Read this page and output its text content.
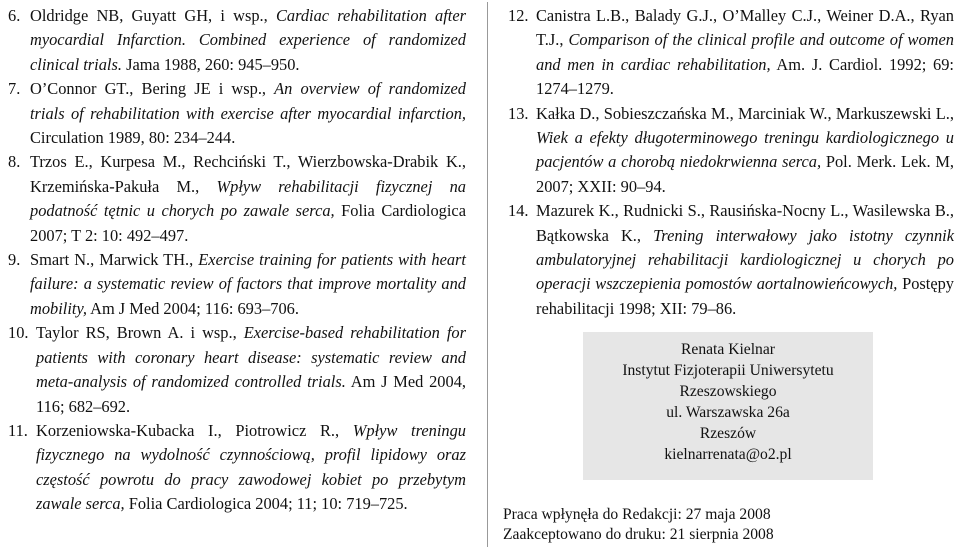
6. Oldridge NB, Guyatt GH, i wsp., Cardiac rehabilitation after myocardial Infarction. Combined experience of randomized clinical trials. Jama 1988, 260: 945–950.
7. O’Connor GT., Bering JE i wsp., An overview of randomized trials of rehabilitation with exercise after myocardial infarction, Circulation 1989, 80: 234–244.
8. Trzos E., Kurpesa M., Rechciński T., Wierzbowska-Drabik K., Krzemińska-Pakuła M., Wpływ rehabilitacji fizycznej na podatność tętnic u chorych po zawale serca, Folia Cardiologica 2007; T 2: 10: 492–497.
9. Smart N., Marwick TH., Exercise training for patients with heart failure: a systematic review of factors that improve mortality and mobility, Am J Med 2004; 116: 693–706.
10. Taylor RS, Brown A. i wsp., Exercise-based rehabilitation for patients with coronary heart disease: systematic review and meta-analysis of randomized controlled trials. Am J Med 2004, 116; 682–692.
11. Korzeniowska-Kubacka I., Piotrowicz R., Wpływ treningu fizycznego na wydolność czynnościową, profil lipidowy oraz częstość powrotu do pracy zawodowej kobiet po przebytym zawale serca, Folia Cardiologica 2004; 11; 10: 719–725.
12. Canistra L.B., Balady G.J., O’Malley C.J., Weiner D.A., Ryan T.J., Comparison of the clinical profile and outcome of women and men in cardiac rehabilitation, Am. J. Cardiol. 1992; 69: 1274–1279.
13. Kałka D., Sobieszczańska M., Marciniak W., Markuszewski L., Wiek a efekty długoterminowego treningu kardiologicznego u pacjentów a chorobą niedokrwienna serca, Pol. Merk. Lek. M, 2007; XXII: 90–94.
14. Mazurek K., Rudnicki S., Rausińska-Nocny L., Wasilewska B., Bątkowska K., Trening interwałowy jako istotny czynnik ambulatoryjnej rehabilitacji kardiologicznej u chorych po operacji wszczepienia pomostów aortalnowieńcowych, Postępy rehabilitacji 1998; XII: 79–86.
Renata Kielnar
Instytut Fizjoterapii Uniwersytetu
Rzeszowskiego
ul. Warszawska 26a
Rzeszów
kielnarrenata@o2.pl
Praca wpłynęła do Redakcji: 27 maja 2008
Zaakceptowano do druku: 21 sierpnia 2008
